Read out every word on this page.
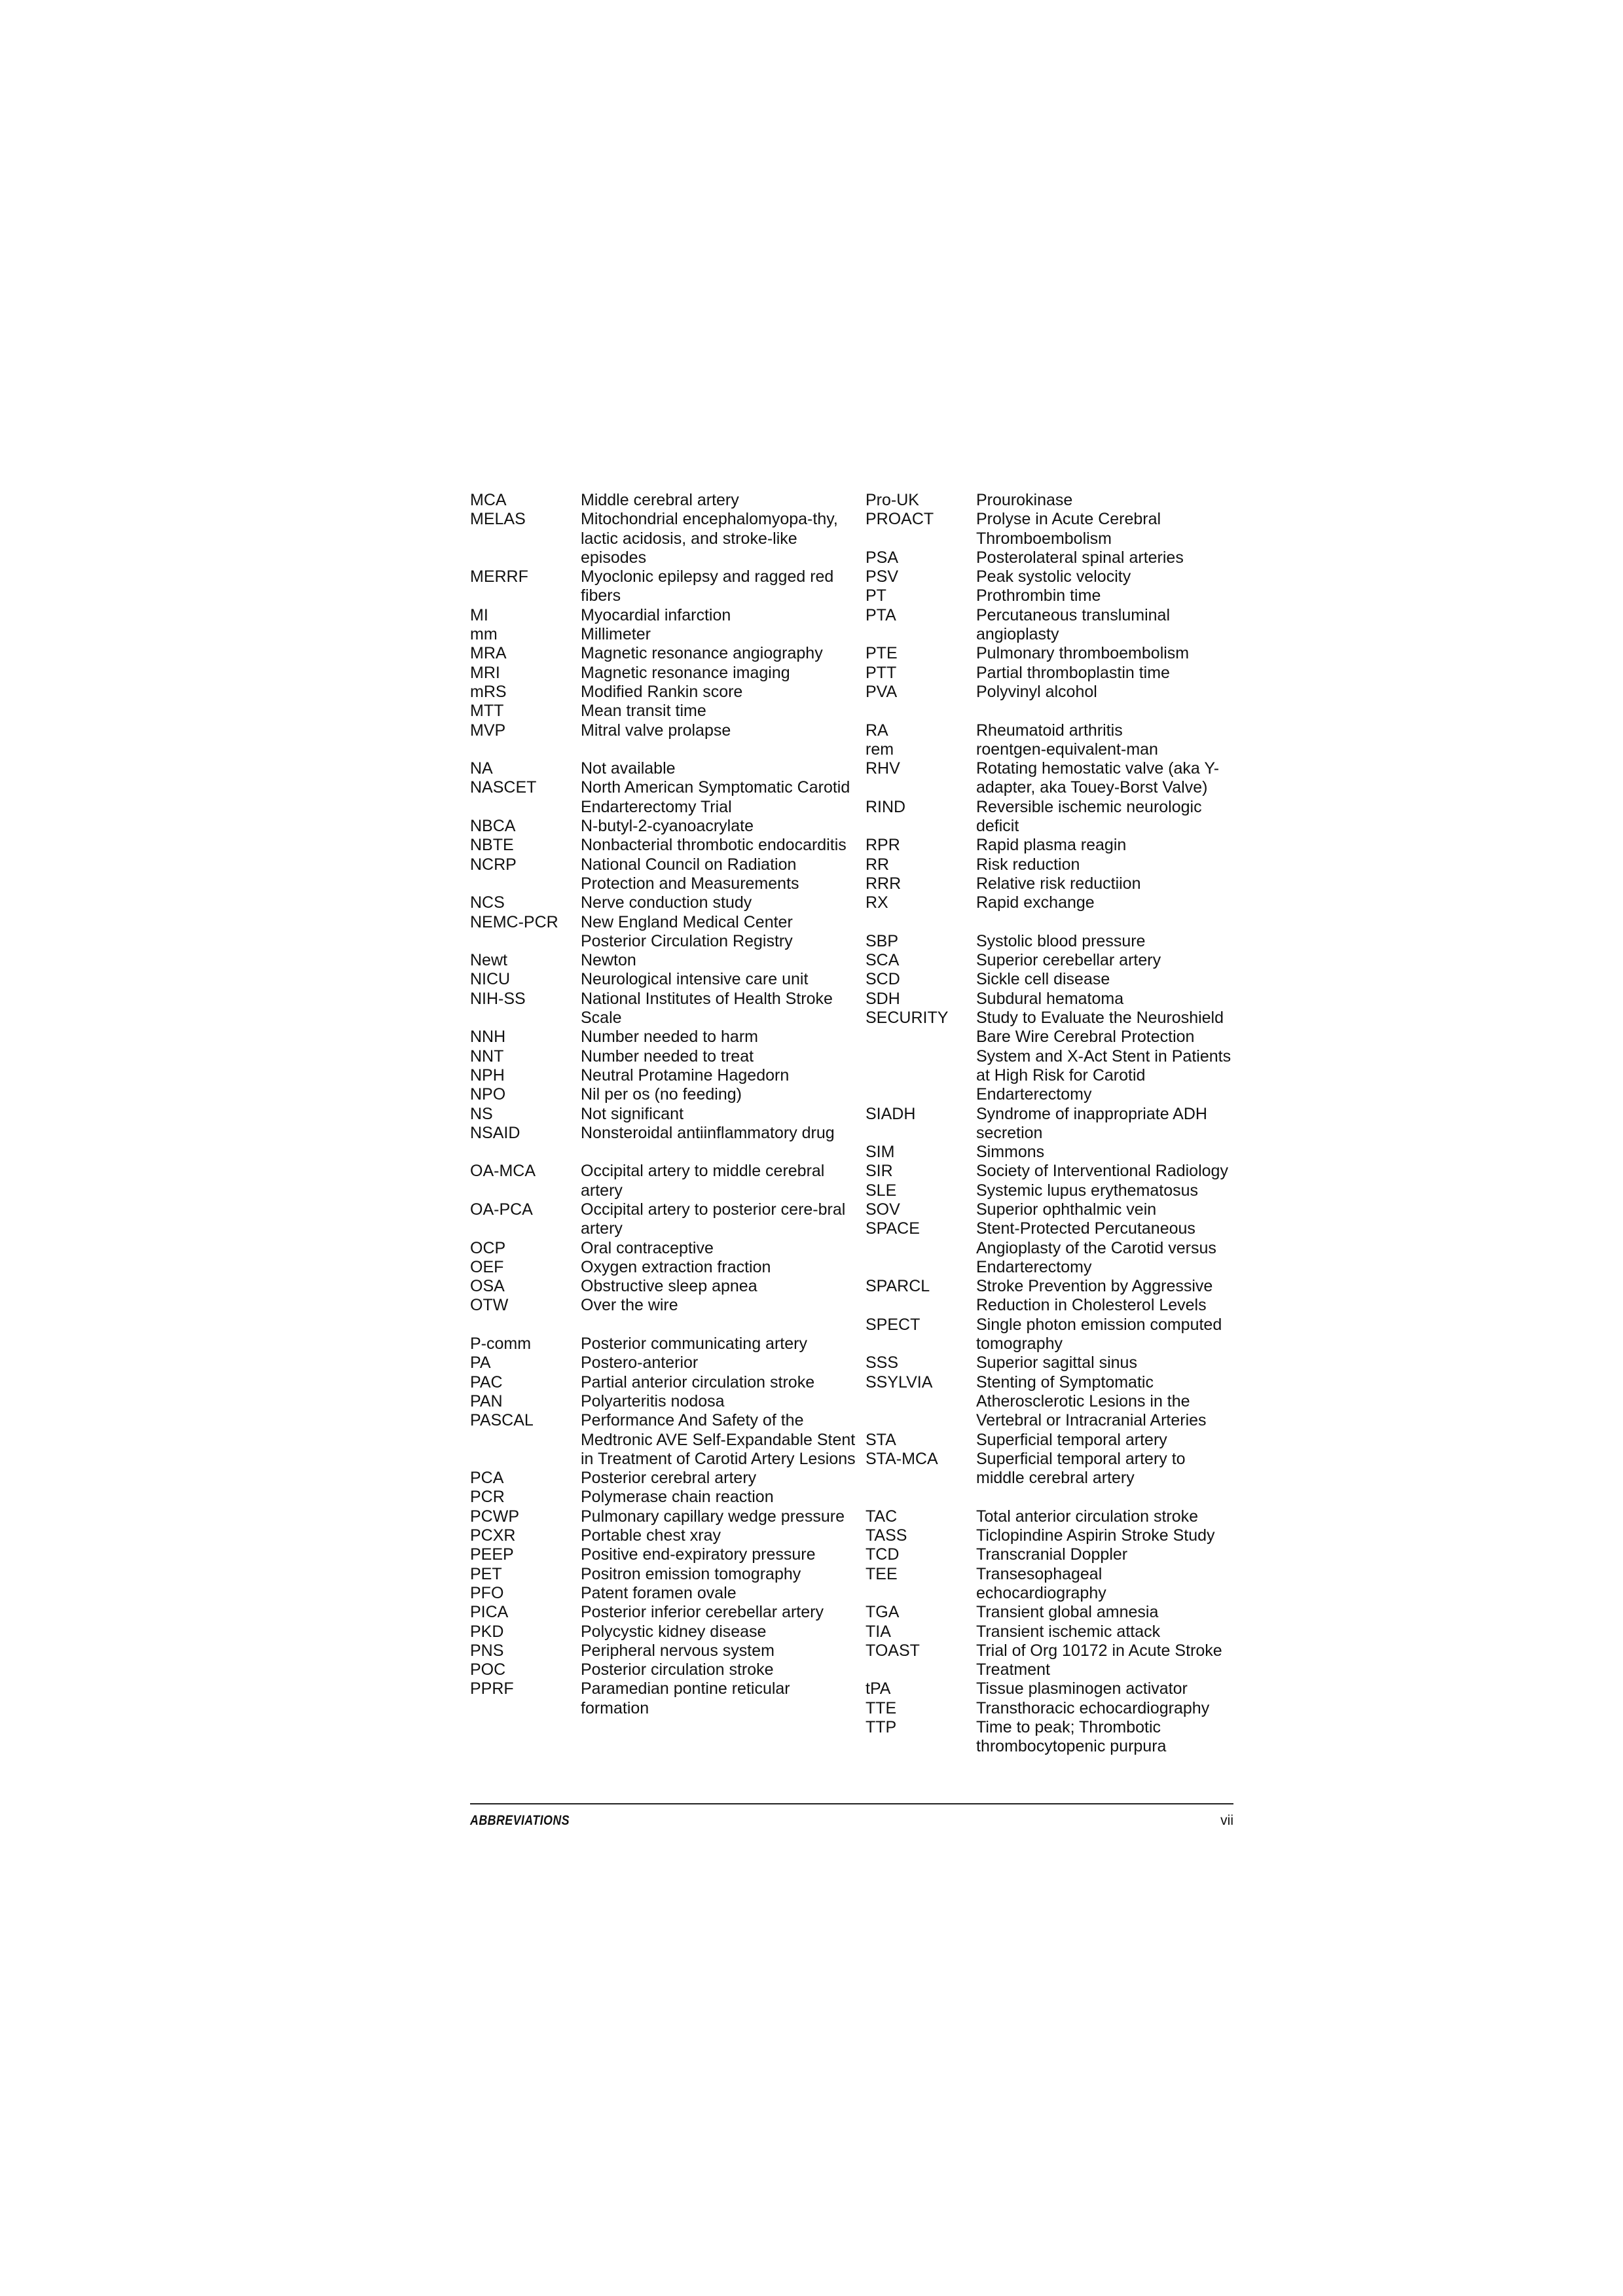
MCA	Middle cerebral artery
MELAS	Mitochondrial encephalomyopa-thy, lactic acidosis, and stroke-like episodes
MERRF	Myoclonic epilepsy and ragged red fibers
MI	Myocardial infarction
mm	Millimeter
MRA	Magnetic resonance angiography
MRI	Magnetic resonance imaging
mRS	Modified Rankin score
MTT	Mean transit time
MVP	Mitral valve prolapse
NA	Not available
NASCET	North American Symptomatic Carotid Endarterectomy Trial
NBCA	N-butyl-2-cyanoacrylate
NBTE	Nonbacterial thrombotic endocarditis
NCRP	National Council on Radiation Protection and Measurements
NCS	Nerve conduction study
NEMC-PCR	New England Medical Center Posterior Circulation Registry
Newt	Newton
NICU	Neurological intensive care unit
NIH-SS	National Institutes of Health Stroke Scale
NNH	Number needed to harm
NNT	Number needed to treat
NPH	Neutral Protamine Hagedorn
NPO	Nil per os (no feeding)
NS	Not significant
NSAID	Nonsteroidal antiinflammatory drug
OA-MCA	Occipital artery to middle cerebral artery
OA-PCA	Occipital artery to posterior cere-bral artery
OCP	Oral contraceptive
OEF	Oxygen extraction fraction
OSA	Obstructive sleep apnea
OTW	Over the wire
P-comm	Posterior communicating artery
PA	Postero-anterior
PAC	Partial anterior circulation stroke
PAN	Polyarteritis nodosa
PASCAL	Performance And Safety of the Medtronic AVE Self-Expandable Stent in Treatment of Carotid Artery Lesions
PCA	Posterior cerebral artery
PCR	Polymerase chain reaction
PCWP	Pulmonary capillary wedge pressure
PCXR	Portable chest xray
PEEP	Positive end-expiratory pressure
PET	Positron emission tomography
PFO	Patent foramen ovale
PICA	Posterior inferior cerebellar artery
PKD	Polycystic kidney disease
PNS	Peripheral nervous system
POC	Posterior circulation stroke
PPRF	Paramedian pontine reticular formation
Pro-UK	Prourokinase
PROACT	Prolyse in Acute Cerebral Thromboembolism
PSA	Posterolateral spinal arteries
PSV	Peak systolic velocity
PT	Prothrombin time
PTA	Percutaneous transluminal angioplasty
PTE	Pulmonary thromboembolism
PTT	Partial thromboplastin time
PVA	Polyvinyl alcohol
RA	Rheumatoid arthritis
rem	roentgen-equivalent-man
RHV	Rotating hemostatic valve (aka Y-adapter, aka Touey-Borst Valve)
RIND	Reversible ischemic neurologic deficit
RPR	Rapid plasma reagin
RR	Risk reduction
RRR	Relative risk reductiion
RX	Rapid exchange
SBP	Systolic blood pressure
SCA	Superior cerebellar artery
SCD	Sickle cell disease
SDH	Subdural hematoma
SECURITY	Study to Evaluate the Neuroshield Bare Wire Cerebral Protection System and X-Act Stent in Patients at High Risk for Carotid Endarterectomy
SIADH	Syndrome of inappropriate ADH secretion
SIM	Simmons
SIR	Society of Interventional Radiology
SLE	Systemic lupus erythematosus
SOV	Superior ophthalmic vein
SPACE	Stent-Protected Percutaneous Angioplasty of the Carotid versus Endarterectomy
SPARCL	Stroke Prevention by Aggressive Reduction in Cholesterol Levels
SPECT	Single photon emission computed tomography
SSS	Superior sagittal sinus
SSYLVIA	Stenting of Symptomatic Atherosclerotic Lesions in the Vertebral or Intracranial Arteries
STA	Superficial temporal artery
STA-MCA	Superficial temporal artery to middle cerebral artery
TAC	Total anterior circulation stroke
TASS	Ticlopindine Aspirin Stroke Study
TCD	Transcranial Doppler
TEE	Transesophageal echocardiography
TGA	Transient global amnesia
TIA	Transient ischemic attack
TOAST	Trial of Org 10172 in Acute Stroke Treatment
tPA	Tissue plasminogen activator
TTE	Transthoracic echocardiography
TTP	Time to peak; Thrombotic thrombocytopenic purpura
ABBREVIATIONS	vii
